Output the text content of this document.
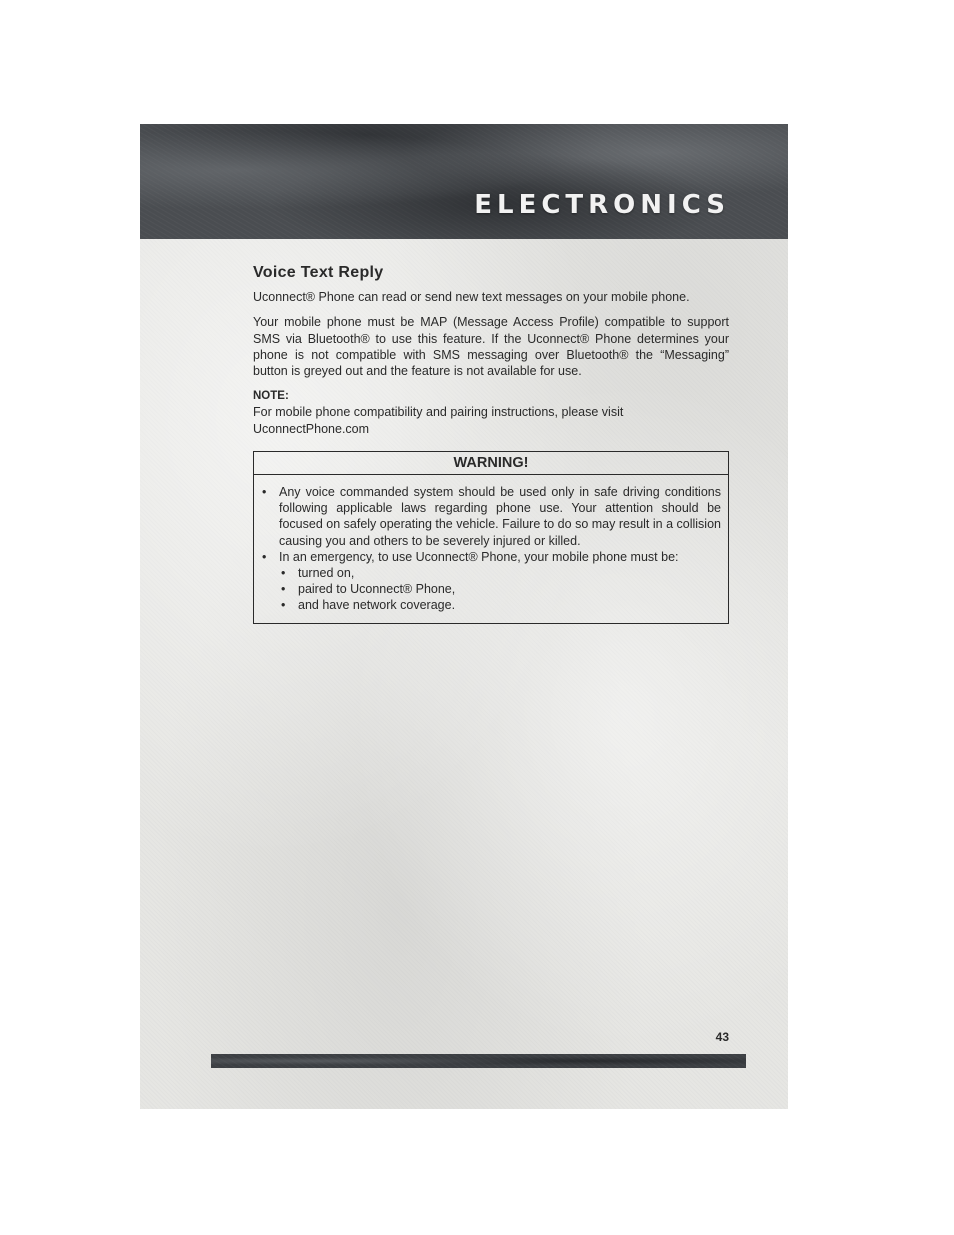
ELECTRONICS
Voice Text Reply

Uconnect® Phone can read or send new text messages on your mobile phone.

Your mobile phone must be MAP (Message Access Profile) compatible to support SMS via Bluetooth® to use this feature. If the Uconnect® Phone determines your phone is not compatible with SMS messaging over Bluetooth® the “Messaging” button is greyed out and the feature is not available for use.

NOTE:
For mobile phone compatibility and pairing instructions, please visit
UconnectPhone.com
WARNING!
• Any voice commanded system should be used only in safe driving conditions following applicable laws regarding phone use. Your attention should be focused on safely operating the vehicle. Failure to do so may result in a collision causing you and others to be severely injured or killed.
• In an emergency, to use Uconnect® Phone, your mobile phone must be:
• turned on,
• paired to Uconnect® Phone,
• and have network coverage.
43
